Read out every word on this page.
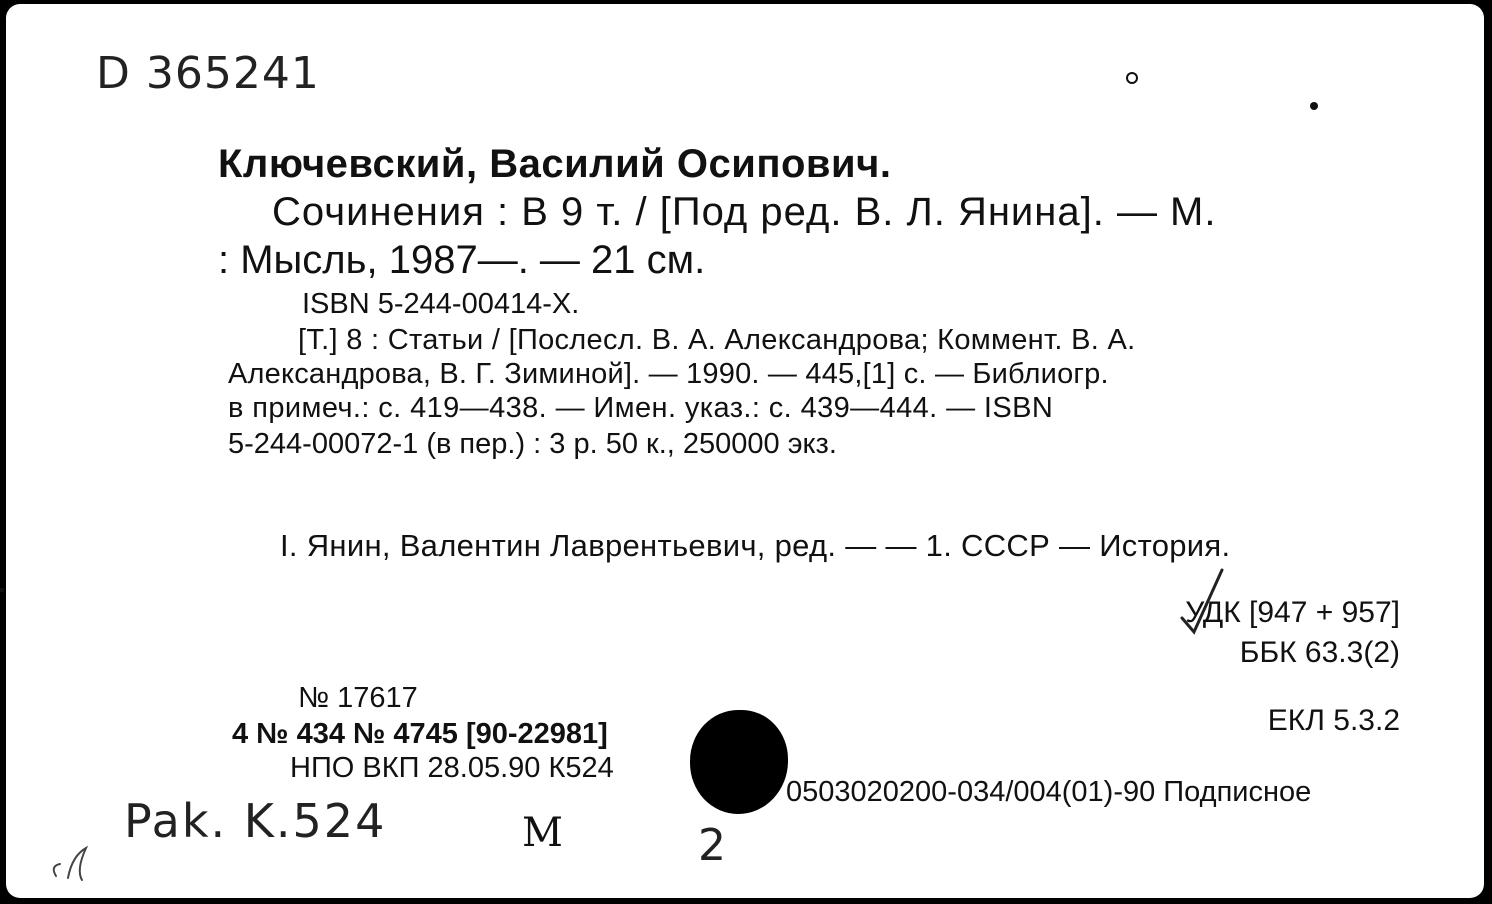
D 365241
Ключевский, Василий Осипович.
Сочинения : В 9 т. / [Под ред. В. Л. Янина]. — М.
: Мысль, 1987—. — 21 см.
ISBN 5-244-00414-X.
[Т.] 8 : Статьи / [Послесл. В. А. Александрова; Коммент. В. А.
Александрова, В. Г. Зиминой]. — 1990. — 445,[1] с. — Библиогр.
в примеч.: с. 419—438. — Имен. указ.: с. 439—444. — ISBN
5-244-00072-1 (в пер.) : 3 р. 50 к., 250000 экз.
I. Янин, Валентин Лаврентьевич, ред. — — 1. СССР — История.
УДК [947 + 957]
ББК 63.3(2)
ЕКЛ 5.3.2
№ 17617
4 № 434 № 4745 [90-22981]
НПО ВКП 28.05.90 К524
0503020200-034/004(01)-90 Подписное
Pak. K.524	M	2
